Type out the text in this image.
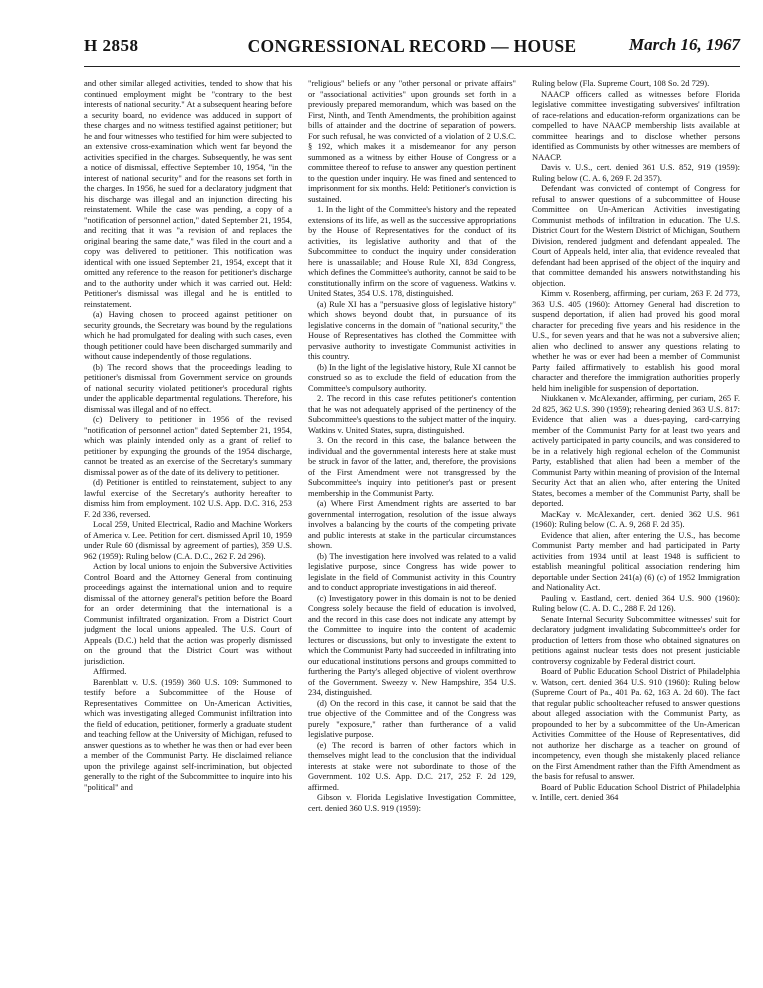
H 2858	CONGRESSIONAL RECORD — HOUSE	March 16, 1967

and other similar alleged activities, tended to show that his continued employment might be "contrary to the best interests of national security." At a subsequent hearing before a security board, no evidence was adduced in support of these charges and no witness testified against petitioner; but he and four witnesses who testified for him were subjected to an extensive cross-examination which went far beyond the activities specified in the charges. Subsequently, he was sent a notice of dismissal, effective September 10, 1954, "in the interest of national security" and for the reasons set forth in the charges. In 1956, he sued for a declaratory judgment that his discharge was illegal and an injunction directing his reinstatement. While the case was pending, a copy of a "notification of personnel action," dated September 21, 1954, and reciting that it was "a revision of and replaces the original bearing the same date," was filed in the court and a copy was delivered to petitioner. This notification was identical with one issued September 21, 1954, except that it omitted any reference to the reason for petitioner's discharge and to the authority under which it was carried out. Held: Petitioner's dismissal was illegal and he is entitled to reinstatement.

(a) Having chosen to proceed against petitioner on security grounds, the Secretary was bound by the regulations which he had promulgated for dealing with such cases, even though petitioner could have been discharged summarily and without cause independently of those regulations.

(b) The record shows that the proceedings leading to petitioner's dismissal from Government service on grounds of national security violated petitioner's procedural rights under the applicable departmental regulations. Therefore, his dismissal was illegal and of no effect.

(c) Delivery to petitioner in 1956 of the revised "notification of personnel action" dated September 21, 1954, which was plainly intended only as a grant of relief to petitioner by expunging the grounds of the 1954 discharge, cannot be treated as an exercise of the Secretary's summary dismissal power as of the date of its delivery to petitioner.

(d) Petitioner is entitled to reinstatement, subject to any lawful exercise of the Secretary's authority hereafter to dismiss him from employment. 102 U.S. App. D.C. 316, 253 F. 2d 336, reversed.

Local 259, United Electrical, Radio and Machine Workers of America v. Lee. Petition for cert. dismissed April 10, 1959 under Rule 60 (dismissal by agreement of parties), 359 U.S. 962 (1959): Ruling below (C.A. D.C., 262 F. 2d 296).

Action by local unions to enjoin the Subversive Activities Control Board and the Attorney General from continuing proceedings against the international union and to require dismissal of the attorney general's petition before the Board for an order determining that the international is a Communist infiltrated organization. From a District Court judgment the local unions appealed. The U.S. Court of Appeals (D.C.) held that the action was properly dismissed on the ground that the District Court was without jurisdiction.

Affirmed.

Barenblatt v. U.S. (1959) 360 U.S. 109: Summoned to testify before a Subcommittee of the House of Representatives Committee on Un-American Activities, which was investigating alleged Communist infiltration into the field of education, petitioner, formerly a graduate student and teaching fellow at the University of Michigan, refused to answer questions as to whether he was then or had ever been a member of the Communist Party. He disclaimed reliance upon the privilege against self-incrimination, but objected generally to the right of the Subcommittee to inquire into his "political" and

"religious" beliefs or any "other personal or private affairs" or "associational activities" upon grounds set forth in a previously prepared memorandum, which was based on the First, Ninth, and Tenth Amendments, the prohibition against bills of attainder and the doctrine of separation of powers. For such refusal, he was convicted of a violation of 2 U.S.C. § 192, which makes it a misdemeanor for any person summoned as a witness by either House of Congress or a committee thereof to refuse to answer any question pertinent to the question under inquiry. He was fined and sentenced to imprisonment for six months. Held: Petitioner's conviction is sustained.

1. In the light of the Committee's history and the repeated extensions of its life, as well as the successive appropriations by the House of Representatives for the conduct of its activities, its legislative authority and that of the Subcommittee to conduct the inquiry under consideration here is unassailable; and House Rule XI, 83d Congress, which defines the Committee's authority, cannot be said to be constitutionally infirm on the score of vagueness. Watkins v. United States, 354 U.S. 178, distinguished.

(a) Rule XI has a "persuasive gloss of legislative history" which shows beyond doubt that, in pursuance of its legislative concerns in the domain of "national security," the House of Representatives has clothed the Committee with pervasive authority to investigate Communist activities in this country.

(b) In the light of the legislative history, Rule XI cannot be construed so as to exclude the field of education from the Committee's compulsory authority.

2. The record in this case refutes petitioner's contention that he was not adequately apprised of the pertinency of the Subcommittee's questions to the subject matter of the inquiry. Watkins v. United States, supra, distinguished.

3. On the record in this case, the balance between the individual and the governmental interests here at stake must be struck in favor of the latter, and, therefore, the provisions of the First Amendment were not transgressed by the Subcommittee's inquiry into petitioner's past or present membership in the Communist Party.

(a) Where First Amendment rights are asserted to bar governmental interrogation, resolution of the issue always involves a balancing by the courts of the competing private and public interests at stake in the particular circumstances shown.

(b) The investigation here involved was related to a valid legislative purpose, since Congress has wide power to legislate in the field of Communist activity in this Country and to conduct appropriate investigations in aid thereof.

(c) Investigatory power in this domain is not to be denied Congress solely because the field of education is involved, and the record in this case does not indicate any attempt by the Committee to inquire into the content of academic lectures or discussions, but only to investigate the extent to which the Communist Party had succeeded in infiltrating into our educational institutions persons and groups committed to furthering the Party's alleged objective of violent overthrow of the Government. Sweezy v. New Hampshire, 354 U.S. 234, distinguished.

(d) On the record in this case, it cannot be said that the true objective of the Committee and of the Congress was purely "exposure," rather than furtherance of a valid legislative purpose.

(e) The record is barren of other factors which in themselves might lead to the conclusion that the individual interests at stake were not subordinate to those of the Government. 102 U.S. App. D.C. 217, 252 F. 2d 129, affirmed.

Gibson v. Florida Legislative Investigation Committee, cert. denied 360 U.S. 919 (1959):

Ruling below (Fla. Supreme Court, 108 So. 2d 729).

NAACP officers called as witnesses before Florida legislative committee investigating subversives' infiltration of race-relations and education-reform organizations can be compelled to have NAACP membership lists available at committee hearings and to disclose whether persons identified as Communists by other witnesses are members of NAACP.

Davis v. U.S., cert. denied 361 U.S. 852, 919 (1959): Ruling below (C. A. 6, 269 F. 2d 357).

Defendant was convicted of contempt of Congress for refusal to answer questions of a subcommittee of House Committee on Un-American Activities investigating Communist methods of infiltration in education. The U.S. District Court for the Western District of Michigan, Southern Division, rendered judgment and defendant appealed. The Court of Appeals held, inter alia, that evidence revealed that defendant had been apprised of the object of the inquiry and that committee demanded his answers notwithstanding his objection.

Kimm v. Rosenberg, affirming, per curiam, 263 F. 2d 773, 363 U.S. 405 (1960): Attorney General had discretion to suspend deportation, if alien had proved his good moral character for preceding five years and his residence in the U.S., for seven years and that he was not a subversive alien; alien who declined to answer any questions relating to whether he was or ever had been a member of Communist Party failed affirmatively to establish his good moral character and therefore the immigration authorities properly held him ineligible for suspension of deportation.

Niukkanen v. McAlexander, affirming, per curiam, 265 F. 2d 825, 362 U.S. 390 (1959); rehearing denied 363 U.S. 817: Evidence that alien was a dues-paying, card-carrying member of the Communist Party for at least two years and actively participated in party councils, and was considered to be in a relatively high regional echelon of the Communist Party, established that alien had been a member of the Communist Party within meaning of provision of the Internal Security Act that an alien who, after entering the United States, becomes a member of the Communist Party, shall be deported.

MacKay v. McAlexander, cert. denied 362 U.S. 961 (1960): Ruling below (C. A. 9, 268 F. 2d 35).

Evidence that alien, after entering the U.S., has become Communist Party member and had participated in Party activities from 1934 until at least 1948 is sufficient to establish meaningful political association rendering him deportable under Section 241(a) (6) (c) of 1952 Immigration and Nationality Act.

Pauling v. Eastland, cert. denied 364 U.S. 900 (1960): Ruling below (C. A. D. C., 288 F. 2d 126).

Senate Internal Security Subcommittee witnesses' suit for declaratory judgment invalidating Subcommittee's order for production of letters from those who obtained signatures on petitions against nuclear tests does not present justiciable controversy cognizable by Federal district court.

Board of Public Education School District of Philadelphia v. Watson, cert. denied 364 U.S. 910 (1960): Ruling below (Supreme Court of Pa., 401 Pa. 62, 163 A. 2d 60). The fact that regular public schoolteacher refused to answer questions about alleged association with the Communist Party, as propounded to her by a subcommittee of the Un-American Activities Committee of the House of Representatives, did not authorize her discharge as a teacher on ground of incompetency, even though she mistakenly placed reliance on the First Amendment rather than the Fifth Amendment as the basis for refusal to answer.

Board of Public Education School District of Philadelphia v. Intille, cert. denied 364
